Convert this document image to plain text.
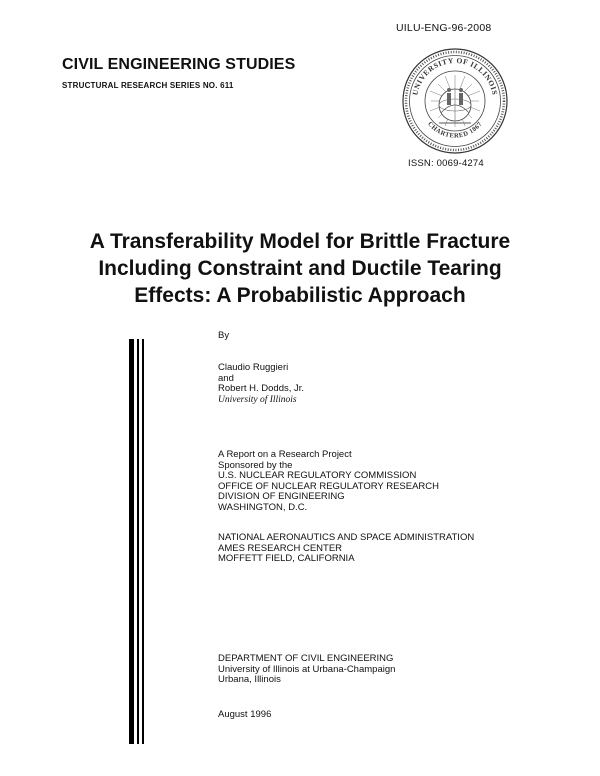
UILU-ENG-96-2008
CIVIL ENGINEERING STUDIES
STRUCTURAL RESEARCH SERIES NO. 611
UNIVERSITY OF ILLINOIS
CHARTERED 1867
ISSN: 0069-4274
A Transferability Model for Brittle Fracture
Including Constraint and Ductile Tearing
Effects: A Probabilistic Approach
By
Claudio Ruggieri
and
Robert H. Dodds, Jr.
University of Illinois
A Report on a Research Project
Sponsored by the
U.S. NUCLEAR REGULATORY COMMISSION
OFFICE OF NUCLEAR REGULATORY RESEARCH
DIVISION OF ENGINEERING
WASHINGTON, D.C.
NATIONAL AERONAUTICS AND SPACE ADMINISTRATION
AMES RESEARCH CENTER
MOFFETT FIELD, CALIFORNIA
DEPARTMENT OF CIVIL ENGINEERING
University of Illinois at Urbana-Champaign
Urbana, Illinois
August 1996
